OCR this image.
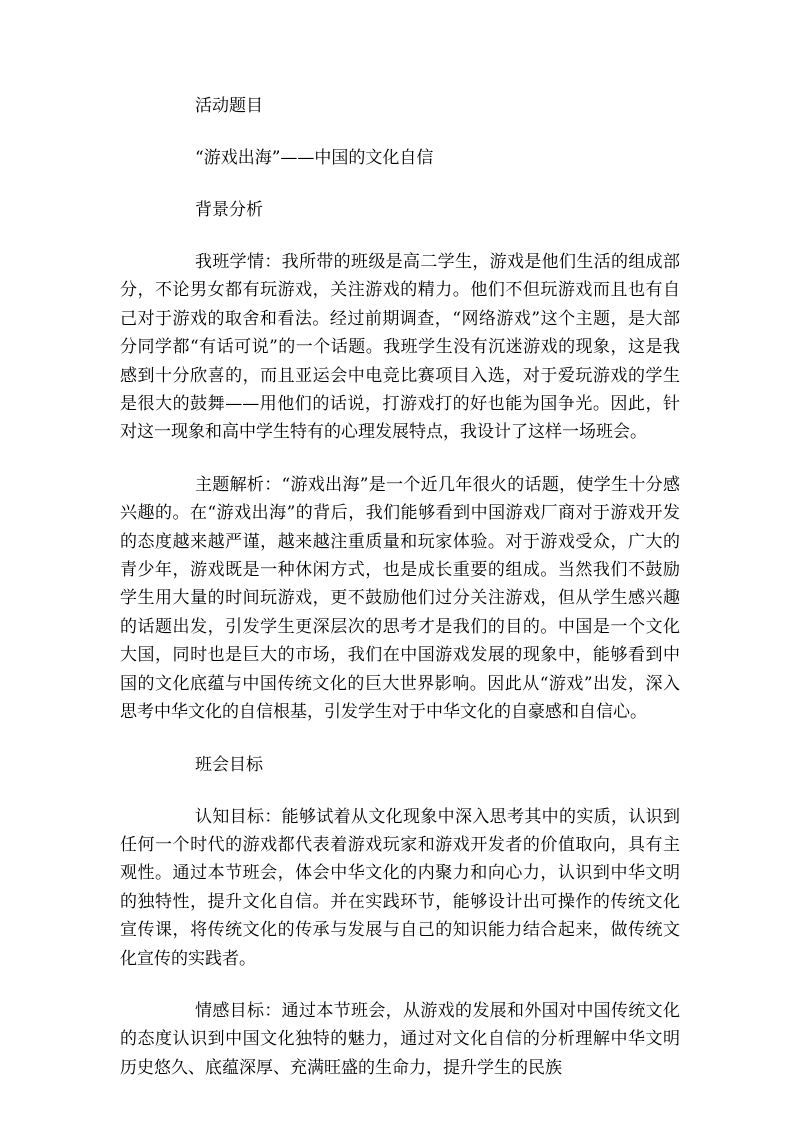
活动题目

“游戏出海”——中国的文化自信

背景分析

我班学情：我所带的班级是高二学生，游戏是他们生活的组成部分，不论男女都有玩游戏，关注游戏的精力。他们不但玩游戏而且也有自己对于游戏的取舍和看法。经过前期调查，“网络游戏”这个主题，是大部分同学都“有话可说”的一个话题。我班学生没有沉迷游戏的现象，这是我感到十分欣喜的，而且亚运会中电竞比赛项目入选，对于爱玩游戏的学生是很大的鼓舞——用他们的话说，打游戏打的好也能为国争光。因此，针对这一现象和高中学生特有的心理发展特点，我设计了这样一场班会。

主题解析：“游戏出海”是一个近几年很火的话题，使学生十分感兴趣的。在“游戏出海”的背后，我们能够看到中国游戏厂商对于游戏开发的态度越来越严谨，越来越注重质量和玩家体验。对于游戏受众，广大的青少年，游戏既是一种休闲方式，也是成长重要的组成。当然我们不鼓励学生用大量的时间玩游戏，更不鼓励他们过分关注游戏，但从学生感兴趣的话题出发，引发学生更深层次的思考才是我们的目的。中国是一个文化大国，同时也是巨大的市场，我们在中国游戏发展的现象中，能够看到中国的文化底蕴与中国传统文化的巨大世界影响。因此从“游戏”出发，深入思考中华文化的自信根基，引发学生对于中华文化的自豪感和自信心。

班会目标

认知目标：能够试着从文化现象中深入思考其中的实质，认识到任何一个时代的游戏都代表着游戏玩家和游戏开发者的价值取向，具有主观性。通过本节班会，体会中华文化的内聚力和向心力，认识到中华文明的独特性，提升文化自信。并在实践环节，能够设计出可操作的传统文化宣传课，将传统文化的传承与发展与自己的知识能力结合起来，做传统文化宣传的实践者。

情感目标：通过本节班会，从游戏的发展和外国对中国传统文化的态度认识到中国文化独特的魅力，通过对文化自信的分析理解中华文明历史悠久、底蕴深厚、充满旺盛的生命力，提升学生的民族
